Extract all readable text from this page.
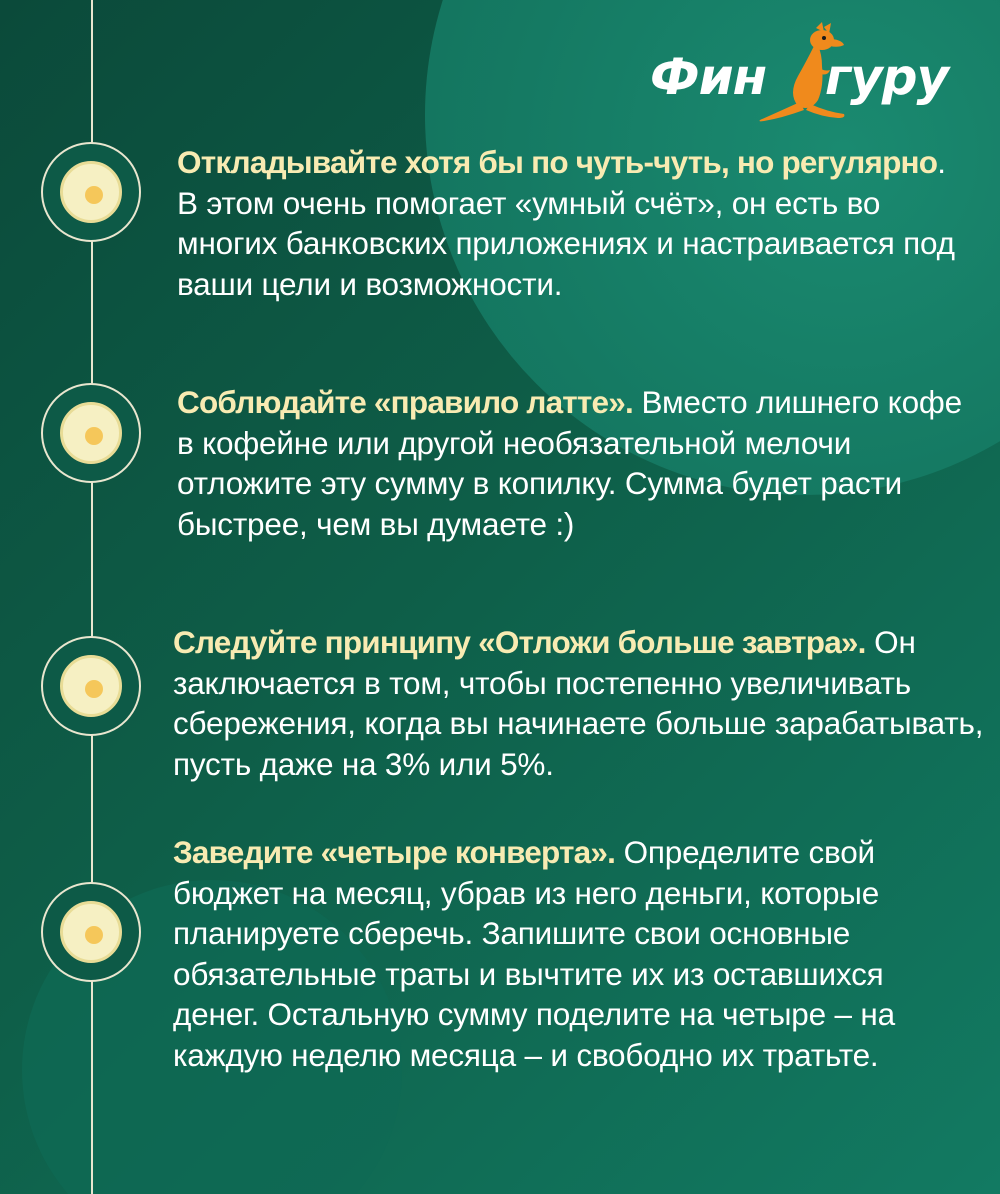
Фин гуру
Откладывайте хотя бы по чуть-чуть, но регулярно. В этом очень помогает «умный счёт», он есть во многих банковских приложениях и настраивается под ваши цели и возможности.
Соблюдайте «правило латте». Вместо лишнего кофе в кофейне или другой необязательной мелочи отложите эту сумму в копилку. Сумма будет расти быстрее, чем вы думаете :)
Следуйте принципу «Отложи больше завтра». Он заключается в том, чтобы постепенно увеличивать сбережения, когда вы начинаете больше зарабатывать, пусть даже на 3% или 5%.
Заведите «четыре конверта». Определите свой бюджет на месяц, убрав из него деньги, которые планируете сберечь. Запишите свои основные обязательные траты и вычтите их из оставшихся денег. Остальную сумму поделите на четыре – на каждую неделю месяца – и свободно их тратьте.
